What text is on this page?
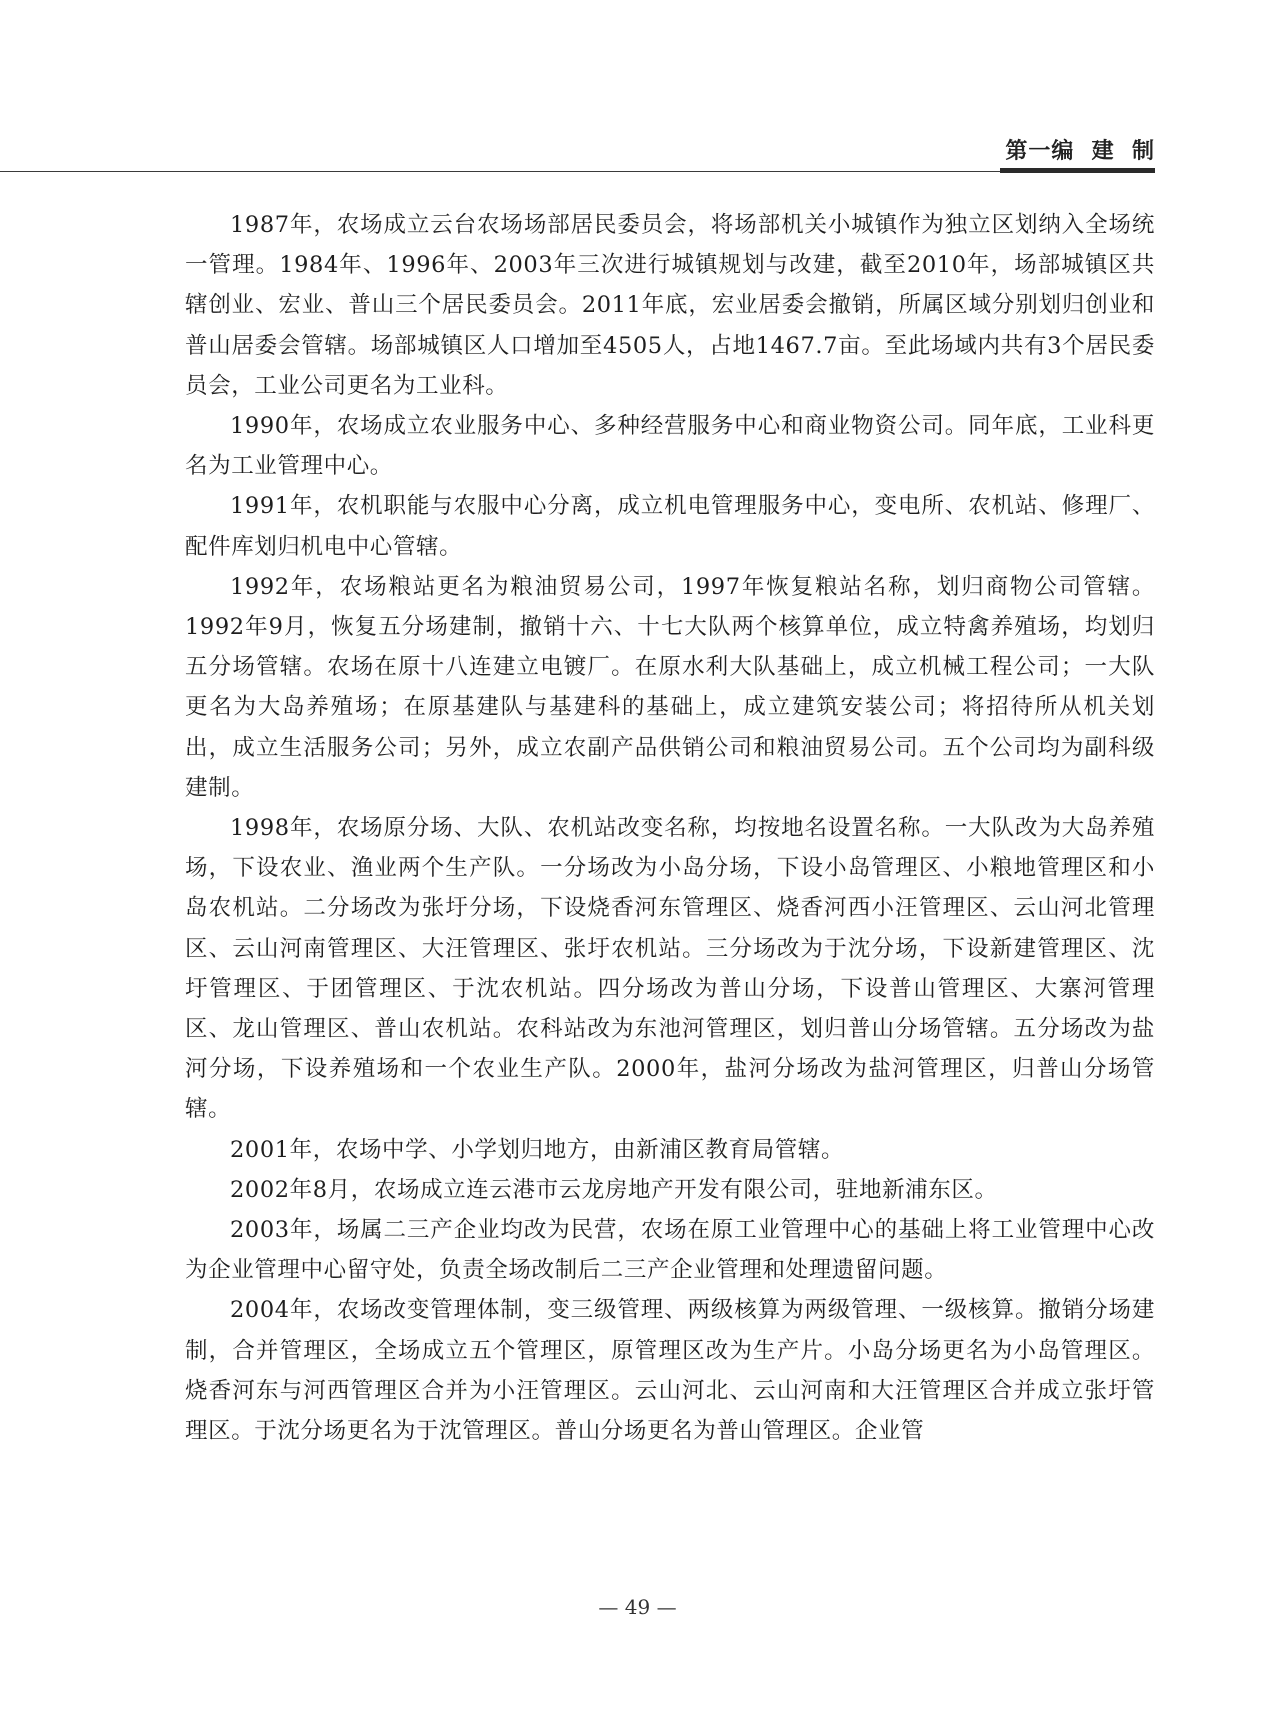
第一编  建  制

1987年，农场成立云台农场场部居民委员会，将场部机关小城镇作为独立区划纳入全场统一管理。1984年、1996年、2003年三次进行城镇规划与改建，截至2010年，场部城镇区共辖创业、宏业、普山三个居民委员会。2011年底，宏业居委会撤销，所属区域分别划归创业和普山居委会管辖。场部城镇区人口增加至4505人，占地1467.7亩。至此场域内共有3个居民委员会，工业公司更名为工业科。

1990年，农场成立农业服务中心、多种经营服务中心和商业物资公司。同年底，工业科更名为工业管理中心。

1991年，农机职能与农服中心分离，成立机电管理服务中心，变电所、农机站、修理厂、配件库划归机电中心管辖。

1992年，农场粮站更名为粮油贸易公司，1997年恢复粮站名称，划归商物公司管辖。1992年9月，恢复五分场建制，撤销十六、十七大队两个核算单位，成立特禽养殖场，均划归五分场管辖。农场在原十八连建立电镀厂。在原水利大队基础上，成立机械工程公司；一大队更名为大岛养殖场；在原基建队与基建科的基础上，成立建筑安装公司；将招待所从机关划出，成立生活服务公司；另外，成立农副产品供销公司和粮油贸易公司。五个公司均为副科级建制。

1998年，农场原分场、大队、农机站改变名称，均按地名设置名称。一大队改为大岛养殖场，下设农业、渔业两个生产队。一分场改为小岛分场，下设小岛管理区、小粮地管理区和小岛农机站。二分场改为张圩分场，下设烧香河东管理区、烧香河西小汪管理区、云山河北管理区、云山河南管理区、大汪管理区、张圩农机站。三分场改为于沈分场，下设新建管理区、沈圩管理区、于团管理区、于沈农机站。四分场改为普山分场，下设普山管理区、大寨河管理区、龙山管理区、普山农机站。农科站改为东池河管理区，划归普山分场管辖。五分场改为盐河分场，下设养殖场和一个农业生产队。2000年，盐河分场改为盐河管理区，归普山分场管辖。

2001年，农场中学、小学划归地方，由新浦区教育局管辖。

2002年8月，农场成立连云港市云龙房地产开发有限公司，驻地新浦东区。

2003年，场属二三产企业均改为民营，农场在原工业管理中心的基础上将工业管理中心改为企业管理中心留守处，负责全场改制后二三产企业管理和处理遗留问题。

2004年，农场改变管理体制，变三级管理、两级核算为两级管理、一级核算。撤销分场建制，合并管理区，全场成立五个管理区，原管理区改为生产片。小岛分场更名为小岛管理区。烧香河东与河西管理区合并为小汪管理区。云山河北、云山河南和大汪管理区合并成立张圩管理区。于沈分场更名为于沈管理区。普山分场更名为普山管理区。企业管

— 49 —
